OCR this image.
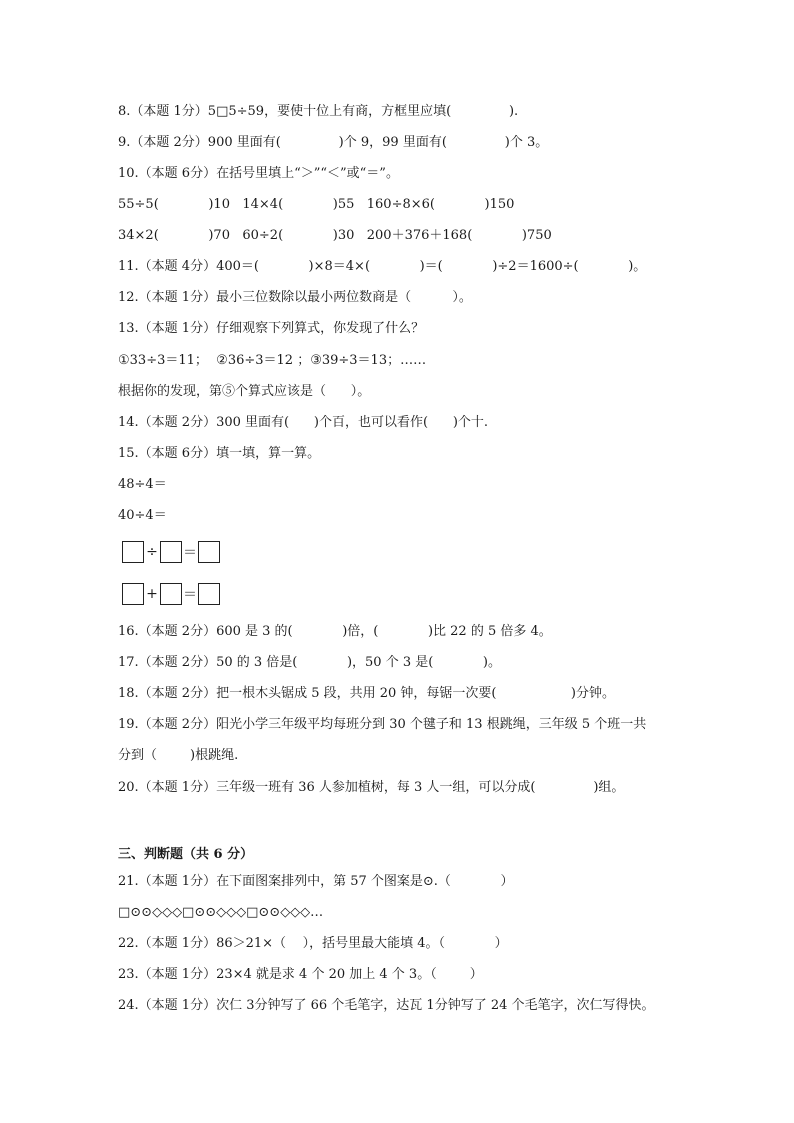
8.（本题 1分）5□5÷59，要使十位上有商，方框里应填(              ).
9.（本题 2分）900 里面有(              )个 9，99 里面有(              )个 3。
10.（本题 6分）在括号里填上“＞”“＜”或“＝”。
55÷5(            )10   14×4(            )55   160÷8×6(            )150
34×2(            )70   60÷2(            )30   200＋376＋168(            )750
11.（本题 4分）400＝(            )×8＝4×(            )＝(            )÷2＝1600÷(            )。
12.（本题 1分）最小三位数除以最小两位数商是（          ）。
13.（本题 1分）仔细观察下列算式，你发现了什么？
①33÷3＝11；  ②36÷3＝12 ；③39÷3＝13；……
根据你的发现，第⑤个算式应该是（      ）。
14.（本题 2分）300 里面有(      )个百，也可以看作(      )个十.
15.（本题 6分）填一填，算一算。
48÷4＝
40÷4＝
÷ ＝
+ ＝
16.（本题 2分）600 是 3 的(            )倍，(            )比 22 的 5 倍多 4。
17.（本题 2分）50 的 3 倍是(            )，50 个 3 是(            )。
18.（本题 2分）把一根木头锯成 5 段，共用 20 钟，每锯一次要(                  )分钟。
19.（本题 2分）阳光小学三年级平均每班分到 30 个毽子和 13 根跳绳，三年级 5 个班一共
分到（        )根跳绳.
20.（本题 1分）三年级一班有 36 人参加植树，每 3 人一组，可以分成(              )组。
三、判断题（共 6 分）
21.（本题 1分）在下面图案排列中，第 57 个图案是⊙.（            ）
□⊙⊙◇◇◇□⊙⊙◇◇◇□⊙⊙◇◇◇…
22.（本题 1分）86＞21×（    ），括号里最大能填 4。（            ）
23.（本题 1分）23×4 就是求 4 个 20 加上 4 个 3。（        ）
24.（本题 1分）次仁 3分钟写了 66 个毛笔字，达瓦 1分钟写了 24 个毛笔字，次仁写得快。
